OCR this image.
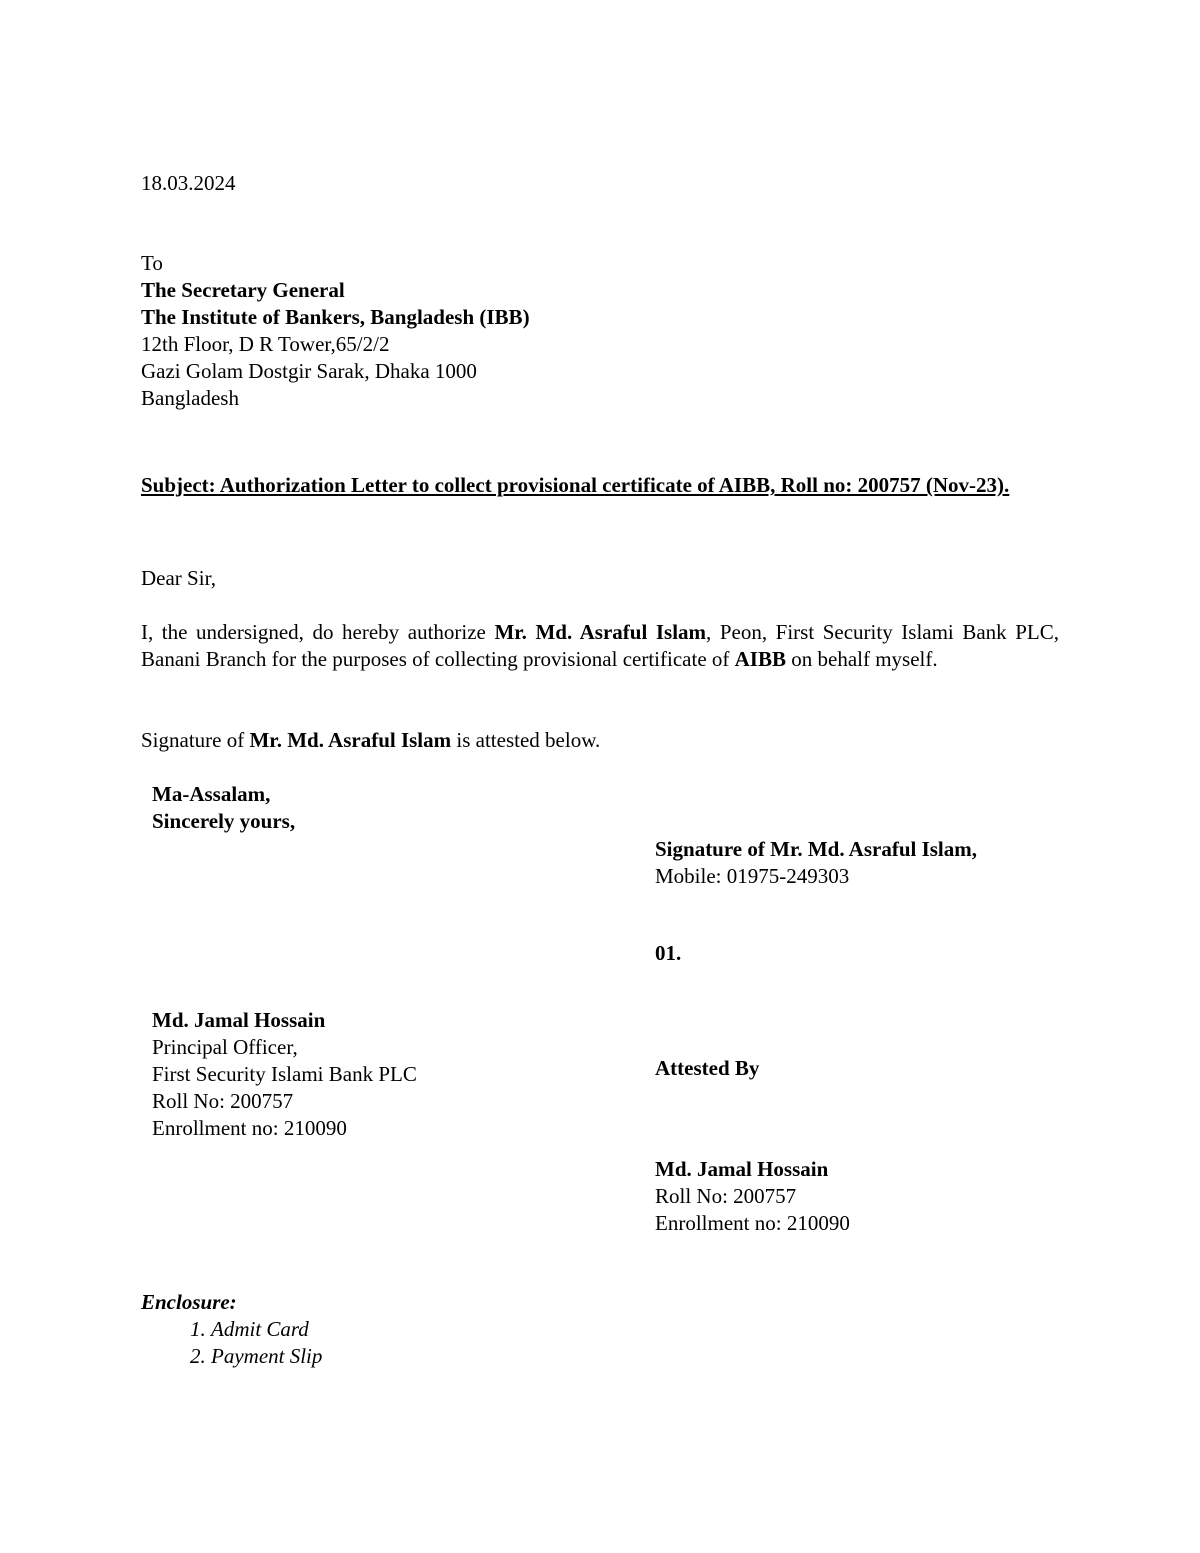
18.03.2024
To
The Secretary General
The Institute of Bankers, Bangladesh (IBB)
12th Floor, D R Tower,65/2/2
Gazi Golam Dostgir Sarak, Dhaka 1000
Bangladesh
Subject: Authorization Letter to collect provisional certificate of AIBB, Roll no: 200757 (Nov-23).
Dear Sir,
I, the undersigned, do hereby authorize Mr. Md. Asraful Islam, Peon, First Security Islami Bank PLC, Banani Branch for the purposes of collecting provisional certificate of AIBB on behalf myself.
Signature of Mr. Md. Asraful Islam is attested below.
Ma-Assalam,
Sincerely yours,
Signature of Mr. Md. Asraful Islam,
Mobile: 01975-249303
01.
Md. Jamal Hossain
Principal Officer,
First Security Islami Bank PLC
Roll No: 200757
Enrollment no: 210090
Attested By
Md. Jamal Hossain
Roll No: 200757
Enrollment no: 210090
Enclosure:
1. Admit Card
2. Payment Slip
